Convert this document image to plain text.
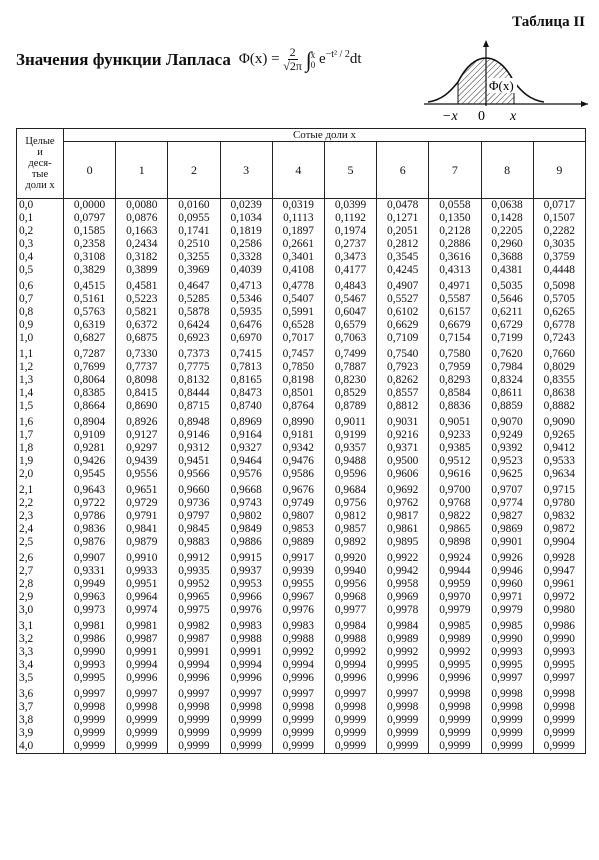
Таблица II
Значения функции Лапласа $\Phi(x) = \frac{2}{√2\pi}$
∫ x
0 $e^{-t^2 / 2}dt$
Φ(x)
−x 0 x
Целые
и
деся-
тые
доли x	Сотые доли x									
	0	1	2	3	4	5	6	7	8	9
0,0	0,0000	0,0080	0,0160	0,0239	0,0319	0,0399	0,0478	0,0558	0,0638	0,0717
0,1	0,0797	0,0876	0,0955	0,1034	0,1113	0,1192	0,1271	0,1350	0,1428	0,1507
0,2	0,1585	0,1663	0,1741	0,1819	0,1897	0,1974	0,2051	0,2128	0,2205	0,2282
0,3	0,2358	0,2434	0,2510	0,2586	0,2661	0,2737	0,2812	0,2886	0,2960	0,3035
0,4	0,3108	0,3182	0,3255	0,3328	0,3401	0,3473	0,3545	0,3616	0,3688	0,3759
0,5	0,3829	0,3899	0,3969	0,4039	0,4108	0,4177	0,4245	0,4313	0,4381	0,4448
0,6	0,4515	0,4581	0,4647	0,4713	0,4778	0,4843	0,4907	0,4971	0,5035	0,5098
0,7	0,5161	0,5223	0,5285	0,5346	0,5407	0,5467	0,5527	0,5587	0,5646	0,5705
0,8	0,5763	0,5821	0,5878	0,5935	0,5991	0,6047	0,6102	0,6157	0,6211	0,6265
0,9	0,6319	0,6372	0,6424	0,6476	0,6528	0,6579	0,6629	0,6679	0,6729	0,6778
1,0	0,6827	0,6875	0,6923	0,6970	0,7017	0,7063	0,7109	0,7154	0,7199	0,7243
1,1	0,7287	0,7330	0,7373	0,7415	0,7457	0,7499	0,7540	0,7580	0,7620	0,7660
1,2	0,7699	0,7737	0,7775	0,7813	0,7850	0,7887	0,7923	0,7959	0,7984	0,8029
1,3	0,8064	0,8098	0,8132	0,8165	0,8198	0,8230	0,8262	0,8293	0,8324	0,8355
1,4	0,8385	0,8415	0,8444	0,8473	0,8501	0,8529	0,8557	0,8584	0,8611	0,8638
1,5	0,8664	0,8690	0,8715	0,8740	0,8764	0,8789	0,8812	0,8836	0,8859	0,8882
1,6	0,8904	0,8926	0,8948	0,8969	0,8990	0,9011	0,9031	0,9051	0,9070	0,9090
1,7	0,9109	0,9127	0,9146	0,9164	0,9181	0,9199	0,9216	0,9233	0,9249	0,9265
1,8	0,9281	0,9297	0,9312	0,9327	0,9342	0,9357	0,9371	0,9385	0,9392	0,9412
1,9	0,9426	0,9439	0,9451	0,9464	0,9476	0,9488	0,9500	0,9512	0,9523	0,9533
2,0	0,9545	0,9556	0,9566	0,9576	0,9586	0,9596	0,9606	0,9616	0,9625	0,9634
2,1	0,9643	0,9651	0,9660	0,9668	0,9676	0,9684	0,9692	0,9700	0,9707	0,9715
2,2	0,9722	0,9729	0,9736	0,9743	0,9749	0,9756	0,9762	0,9768	0,9774	0,9780
2,3	0,9786	0,9791	0,9797	0,9802	0,9807	0,9812	0,9817	0,9822	0,9827	0,9832
2,4	0,9836	0,9841	0,9845	0,9849	0,9853	0,9857	0,9861	0,9865	0,9869	0,9872
2,5	0,9876	0,9879	0,9883	0,9886	0,9889	0,9892	0,9895	0,9898	0,9901	0,9904
2,6	0,9907	0,9910	0,9912	0,9915	0,9917	0,9920	0,9922	0,9924	0,9926	0,9928
2,7	0,9331	0,9933	0,9935	0,9937	0,9939	0,9940	0,9942	0,9944	0,9946	0,9947
2,8	0,9949	0,9951	0,9952	0,9953	0,9955	0,9956	0,9958	0,9959	0,9960	0,9961
2,9	0,9963	0,9964	0,9965	0,9966	0,9967	0,9968	0,9969	0,9970	0,9971	0,9972
3,0	0,9973	0,9974	0,9975	0,9976	0,9976	0,9977	0,9978	0,9979	0,9979	0,9980
3,1	0,9981	0,9981	0,9982	0,9983	0,9983	0,9984	0,9984	0,9985	0,9985	0,9986
3,2	0,9986	0,9987	0,9987	0,9988	0,9988	0,9988	0,9989	0,9989	0,9990	0,9990
3,3	0,9990	0,9991	0,9991	0,9991	0,9992	0,9992	0,9992	0,9992	0,9993	0,9993
3,4	0,9993	0,9994	0,9994	0,9994	0,9994	0,9994	0,9995	0,9995	0,9995	0,9995
3,5	0,9995	0,9996	0,9996	0,9996	0,9996	0,9996	0,9996	0,9996	0,9997	0,9997
3,6	0,9997	0,9997	0,9997	0,9997	0,9997	0,9997	0,9997	0,9998	0,9998	0,9998
3,7	0,9998	0,9998	0,9998	0,9998	0,9998	0,9998	0,9998	0,9998	0,9998	0,9998
3,8	0,9999	0,9999	0,9999	0,9999	0,9999	0,9999	0,9999	0,9999	0,9999	0,9999
3,9	0,9999	0,9999	0,9999	0,9999	0,9999	0,9999	0,9999	0,9999	0,9999	0,9999
4,0	0,9999	0,9999	0,9999	0,9999	0,9999	0,9999	0,9999	0,9999	0,9999	0,9999
